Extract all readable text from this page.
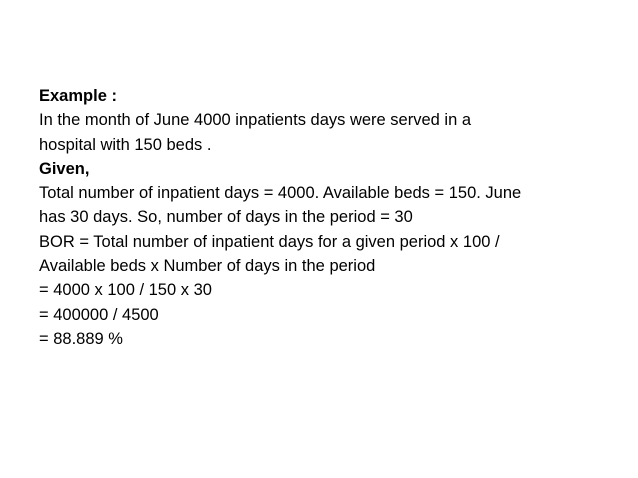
Example :
In the month of June 4000 inpatients days were served in a
hospital with 150 beds .
Given,
Total number of inpatient days = 4000. Available beds = 150. June
has 30 days. So, number of days in the period = 30
BOR = Total number of inpatient days for a given period x 100 /
Available beds x Number of days in the period
= 4000 x 100 / 150 x 30
= 400000 / 4500
= 88.889 %
